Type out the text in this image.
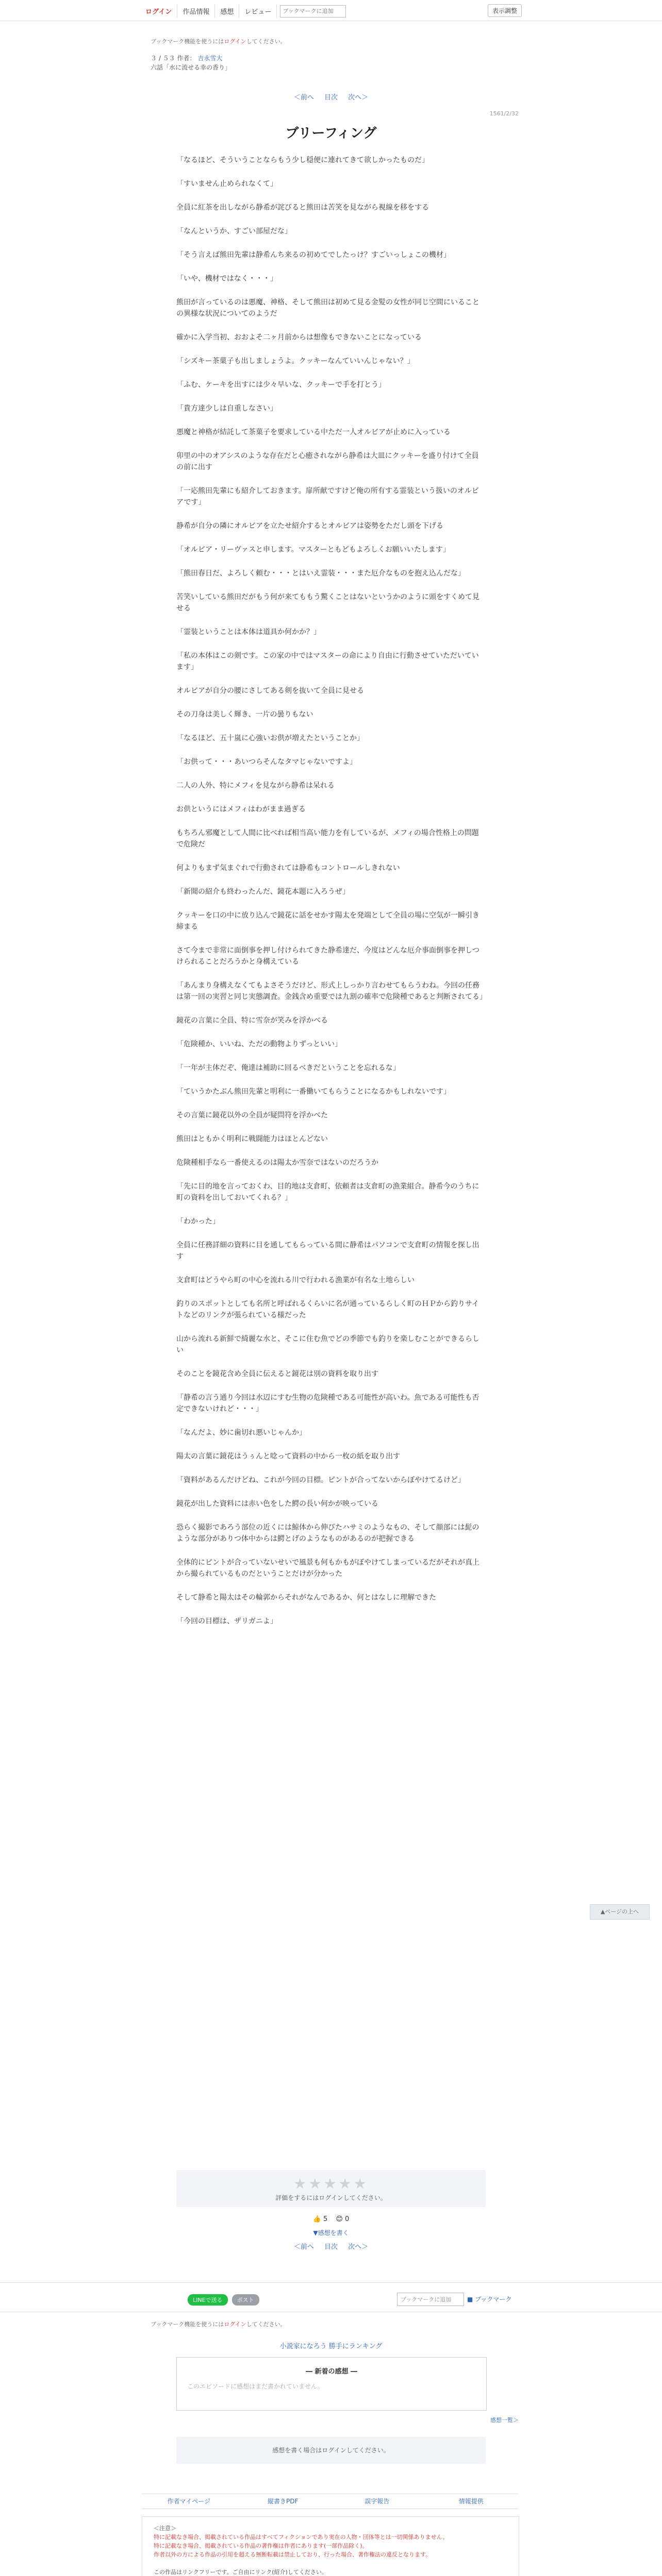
ログイン	作品情報	感想	レビュー
ブックマークに追加	表示調整
ブックマーク機能を使うにはログインしてください。
３ / ５３ 作者： 吉永雪大
六話「水に流せる幸の香り」
＜前へ 目次 次へ＞
1561/2/32
ブリーフィング

「なるほど、そういうことならもう少し穏便に連れてきて欲しかったものだ」

「すいません止められなくて」

全員に紅茶を出しながら静希が詫びると熊田は苦笑を見ながら視線を移をする

「なんというか、すごい部屋だな」

「そう言えば熊田先輩は静希んち来るの初めてでしたっけ？すごいっしょこの機材」

「いや、機材ではなく・・・」

熊田が言っているのは悪魔、神格、そして熊田は初めて見る金髪の女性が同じ空間にいることの異様な状況についてのようだ

確かに入学当初、おおよそ二ヶ月前からは想像もできないことになっている

「シズキー茶菓子も出しましょうよ。クッキーなんていいんじゃない？」

「ふむ、ケーキを出すには少々早いな、クッキーで手を打とう」

「貴方達少しは自重しなさい」

悪魔と神格が結託して茶菓子を要求している中ただ一人オルビアが止めに入っている

卯里の中のオアシスのような存在だと心癒されながら静希は大皿にクッキーを盛り付けて全員の前に出す

「一応熊田先輩にも紹介しておきます。扉所献ですけど俺の所有する霊装という扱いのオルビアです」

静希が自分の隣にオルビアを立たせ紹介するとオルビアは姿勢をただし頭を下げる

「オルビア・リーヴァスと申します。マスターともどもよろしくお願いいたします」

「熊田春日だ、よろしく頼む・・・とはいえ霊装・・・また厄介なものを抱え込んだな」

苦笑いしている熊田だがもう何が来てももう驚くことはないというかのように頭をすくめて見せる

「霊装ということは本体は道具か何かか？」

「私の本体はこの剣です。この家の中ではマスターの命により自由に行動させていただいています」

オルビアが自分の腰にさしてある剣を抜いて全員に見せる

その刀身は美しく輝き、一片の曇りもない

「なるほど、五十嵐に心強いお供が増えたということか」

「お供って・・・あいつらそんなタマじゃないですよ」

二人の人外、特にメフィを見ながら静希は呆れる

お供というにはメフィはわがまま過ぎる

もちろん邪魔として人間に比べれば相当高い能力を有しているが、メフィの場合性格上の問題で危険だ

何よりもまず気まぐれで行動されては静希もコントロールしきれない

「新聞の紹介も終わったんだ、鏡花本題に入ろうぜ」

クッキーを口の中に放り込んで鏡花に話をせかす陽太を発端として全員の場に空気が一瞬引き締まる

さて今まで非常に面倒事を押し付けられてきた静希達だ、今度はどんな厄介事面倒事を押しつけられることだろうかと身構えている

「あんまり身構えなくてもよさそうだけど、形式上しっかり言わせてもらうわね。今回の任務は第一回の実習と同じ実態調査。金銭含め重要では九割の確率で危険種であると判断されてる」

鏡花の言葉に全員、特に雪奈が笑みを浮かべる

「危険種か、いいね、ただの動物よりずっといい」

「一年が主体だぞ、俺達は補助に回るべきだということを忘れるな」

「ていうかたぶん熊田先輩と明利に一番働いてもらうことになるかもしれないです」

その言葉に鏡花以外の全員が疑問符を浮かべた

熊田はともかく明利に戦闘能力はほとんどない

危険種相手なら一番使えるのは陽太か雪奈ではないのだろうか

「先に目的地を言っておくわ、目的地は支倉町、依頼者は支倉町の漁業組合。静希今のうちに町の資料を出しておいてくれる？」

「わかった」

全員に任務詳細の資料に目を通してもらっている間に静希はパソコンで支倉町の情報を探し出す

支倉町はどうやら町の中心を流れる川で行われる漁業が有名な土地らしい

釣りのスポットとしても名所と呼ばれるくらいに名が通っているらしく町のＨＰから釣りサイトなどのリンクが張られている様だった

山から流れる新鮮で綺麗な水と、そこに住む魚でどの季節でも釣りを楽しむことができるらしい

そのことを鏡花含め全員に伝えると鏡花は別の資料を取り出す

「静希の言う通り今回は水辺にすむ生物の危険種である可能性が高いわ。魚である可能性も否定できないけれど・・・」

「なんだよ、妙に歯切れ悪いじゃんか」

陽太の言葉に鏡花はうぅんと唸って資料の中から一枚の紙を取り出す

「資料があるんだけどね、これが今回の目標。ピントが合ってないからぼやけてるけど」

鏡花が出した資料には赤い色をした鰐の長い何かが映っている

恐らく撮影であろう部位の近くには鯨体から伸びたハサミのようなもの、そして顔部には髭のような部分がありつ体中からは鰐とげのようなものがあるのが把握できる

全体的にピントが合っていないせいで風景も何もかもがぼやけてしまっているだがそれが真上から撮られているものだということだけが分かった

そして静希と陽太はその輪郭からそれがなんであるか、何とはなしに理解できた

「今回の目標は、ザリガニよ」

★★★★★
評価をするにはログインしてください。
👍 5 😊 0
▼感想を書く
＜前へ 目次 次へ＞
LINEで送る	ポスト	ブックマークに追加	■ ブックマーク
ブックマーク機能を使うにはログインしてください。
小説家になろう 勝手にランキング
― 新着の感想 ―
このエピソードに感想はまだ書かれていません。
感想一覧＞
感想を書く場合はログインしてください。
作者マイページ	縦書きPDF	誤字報告	情報提供
＜注意＞
特に記載なき場合、掲載されている作品はすべてフィクションであり実在の人物・団体等とは一切関係ありません。
特に記載なき場合、掲載されている作品の著作権は作者にあります(一部作品除く)。
作者以外の方による作品の引用を超える無断転載は禁止しており、行った場合、著作権法の違反となります。
この作品はリンクフリーです。ご自由にリンク(紹介)してください。
▲ページの上へ
